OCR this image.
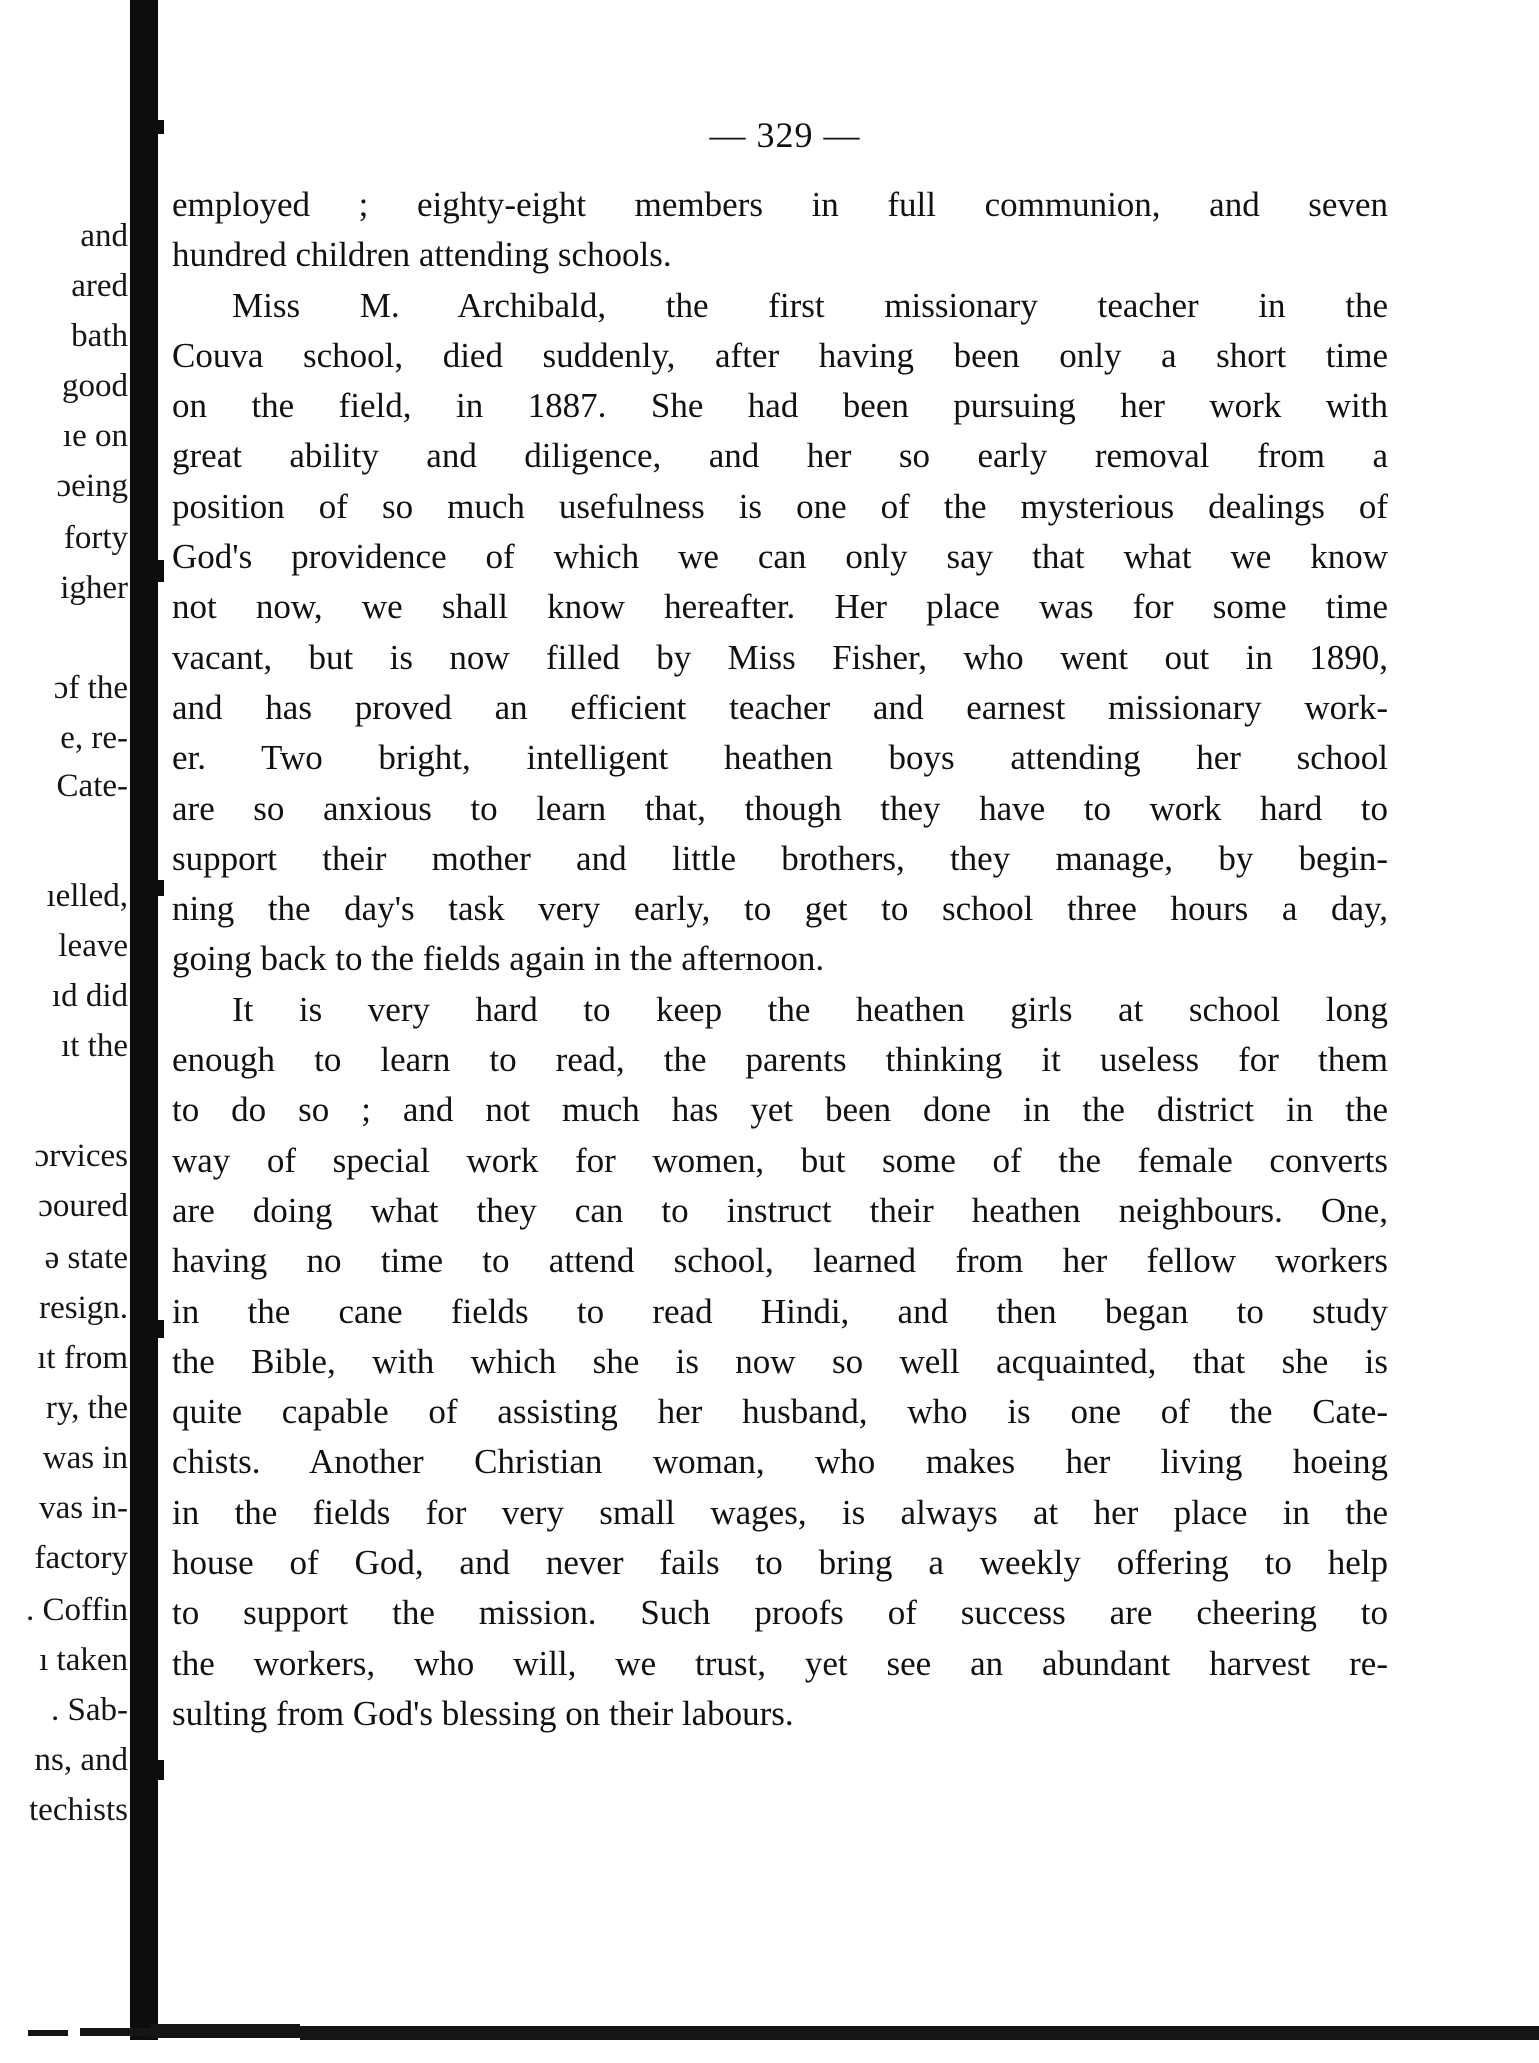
and
ared
bath
good
ıe on
ɔeing
forty
igher
ɔf the
e, re-
Cate-
ıelled,
leave
ıd did
ıt the
ɔrvices
ɔoured
ə state
resign.
ıt from
ry, the
was in
vas in-
factory
. Coffin
ı taken
. Sab-
ns, and
techists
— 329 —
employed ; eighty-eight members in full communion, and seven
hundred children attending schools.
Miss M. Archibald, the first missionary teacher in the
Couva school, died suddenly, after having been only a short time
on the field, in 1887. She had been pursuing her work with
great ability and diligence, and her so early removal from a
position of so much usefulness is one of the mysterious dealings of
God's providence of which we can only say that what we know
not now, we shall know hereafter. Her place was for some time
vacant, but is now filled by Miss Fisher, who went out in 1890,
and has proved an efficient teacher and earnest missionary work-
er. Two bright, intelligent heathen boys attending her school
are so anxious to learn that, though they have to work hard to
support their mother and little brothers, they manage, by begin-
ning the day's task very early, to get to school three hours a day,
going back to the fields again in the afternoon.
It is very hard to keep the heathen girls at school long
enough to learn to read, the parents thinking it useless for them
to do so ; and not much has yet been done in the district in the
way of special work for women, but some of the female converts
are doing what they can to instruct their heathen neighbours. One,
having no time to attend school, learned from her fellow workers
in the cane fields to read Hindi, and then began to study
the Bible, with which she is now so well acquainted, that she is
quite capable of assisting her husband, who is one of the Cate-
chists. Another Christian woman, who makes her living hoeing
in the fields for very small wages, is always at her place in the
house of God, and never fails to bring a weekly offering to help
to support the mission. Such proofs of success are cheering to
the workers, who will, we trust, yet see an abundant harvest re-
sulting from God's blessing on their labours.
